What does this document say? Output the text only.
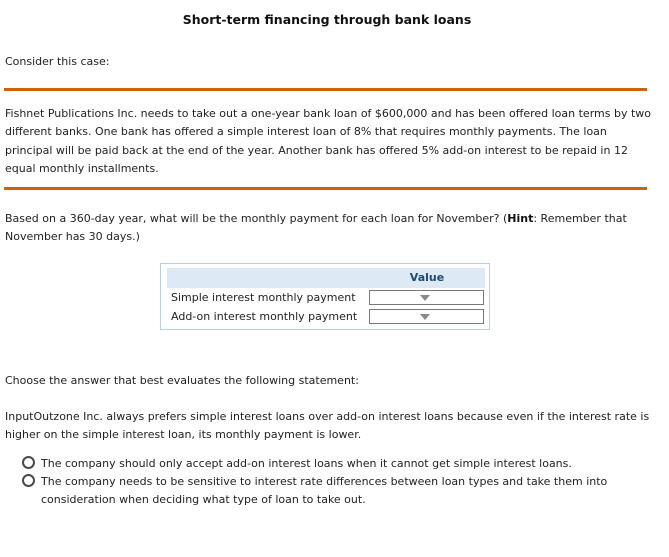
Short-term financing through bank loans
Consider this case:
Fishnet Publications Inc. needs to take out a one-year bank loan of $600,000 and has been offered loan terms by two different banks. One bank has offered a simple interest loan of 8% that requires monthly payments. The loan principal will be paid back at the end of the year. Another bank has offered 5% add-on interest to be repaid in 12 equal monthly installments.
Based on a 360-day year, what will be the monthly payment for each loan for November? (Hint: Remember that November has 30 days.)
Value
Simple interest monthly payment
Add-on interest monthly payment
Choose the answer that best evaluates the following statement:
InputOutzone Inc. always prefers simple interest loans over add-on interest loans because even if the interest rate is higher on the simple interest loan, its monthly payment is lower.
The company should only accept add-on interest loans when it cannot get simple interest loans.
The company needs to be sensitive to interest rate differences between loan types and take them into consideration when deciding what type of loan to take out.
